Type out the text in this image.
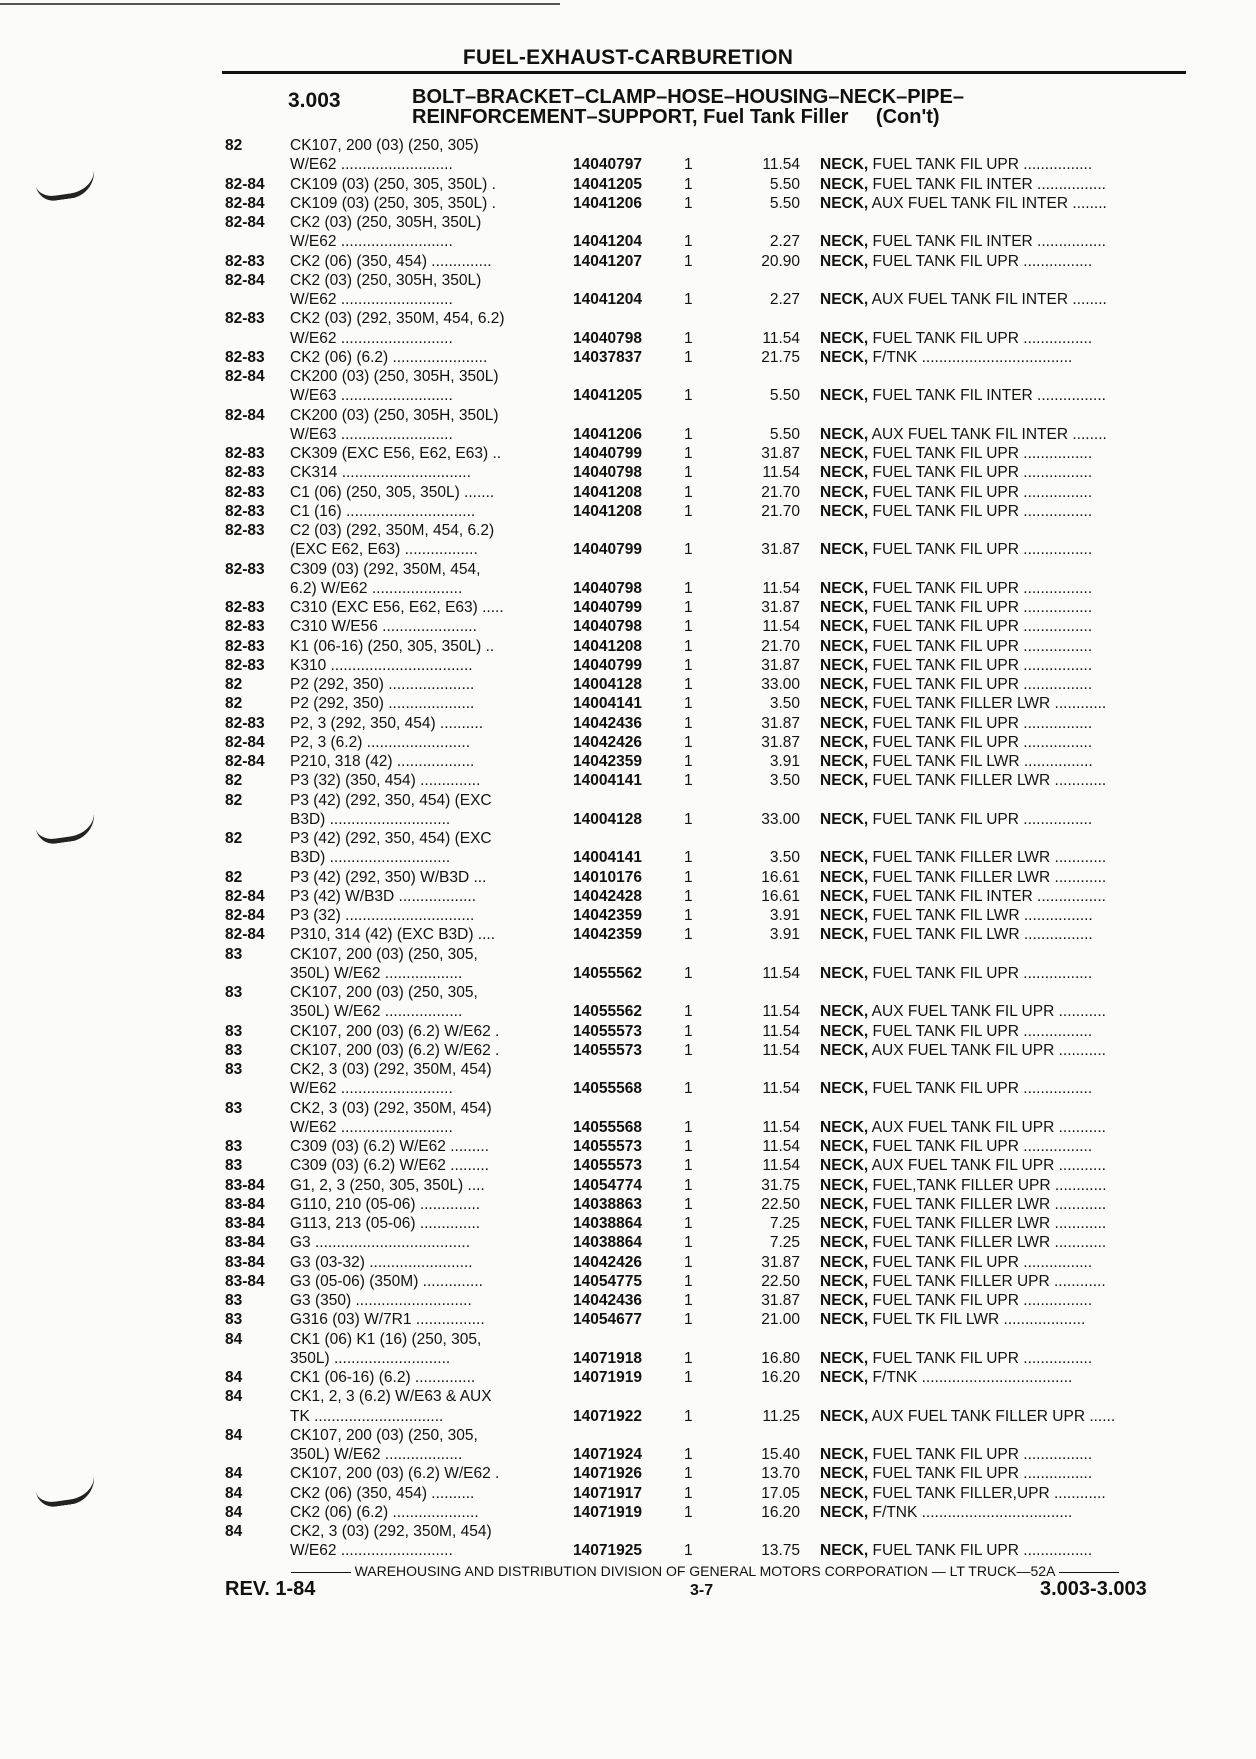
FUEL-EXHAUST-CARBURETION
3.003	BOLT–BRACKET–CLAMP–HOSE–HOUSING–NECK–PIPE–
REINFORCEMENT–SUPPORT, Fuel Tank Filler (Con't)
82	CK107, 200 (03) (250, 305)
W/E62 ..........................	14040797	1	11.54 NECK, FUEL TANK FIL UPR ................
82-84 CK109 (03) (250, 305, 350L) .	14041205	1	5.50 NECK, FUEL TANK FIL INTER ................
82-84 CK109 (03) (250, 305, 350L) .	14041206	1	5.50 NECK, AUX FUEL TANK FIL INTER ........
82-84 CK2 (03) (250, 305H, 350L)
W/E62 ..........................	14041204	1	2.27 NECK, FUEL TANK FIL INTER ................
82-83 CK2 (06) (350, 454) ..............	14041207	1	20.90 NECK, FUEL TANK FIL UPR ................
82-84 CK2 (03) (250, 305H, 350L)
W/E62 ..........................	14041204	1	2.27 NECK, AUX FUEL TANK FIL INTER ........
82-83 CK2 (03) (292, 350M, 454, 6.2)
W/E62 ..........................	14040798	1	11.54 NECK, FUEL TANK FIL UPR ................
82-83 CK2 (06) (6.2) ......................	14037837	1	21.75 NECK, F/TNK ...................................
82-84 CK200 (03) (250, 305H, 350L)
W/E63 ..........................	14041205	1	5.50 NECK, FUEL TANK FIL INTER ................
82-84 CK200 (03) (250, 305H, 350L)
W/E63 ..........................	14041206	1	5.50 NECK, AUX FUEL TANK FIL INTER ........
82-83 CK309 (EXC E56, E62, E63) ..	14040799	1	31.87 NECK, FUEL TANK FIL UPR ................
82-83 CK314 ..............................	14040798	1	11.54 NECK, FUEL TANK FIL UPR ................
82-83 C1 (06) (250, 305, 350L) .......	14041208	1	21.70 NECK, FUEL TANK FIL UPR ................
82-83 C1 (16) ..............................	14041208	1	21.70 NECK, FUEL TANK FIL UPR ................
82-83 C2 (03) (292, 350M, 454, 6.2)
(EXC E62, E63) .................	14040799	1	31.87 NECK, FUEL TANK FIL UPR ................
82-83 C309 (03) (292, 350M, 454,
6.2) W/E62 .....................	14040798	1	11.54 NECK, FUEL TANK FIL UPR ................
82-83 C310 (EXC E56, E62, E63) .....	14040799	1	31.87 NECK, FUEL TANK FIL UPR ................
82-83 C310 W/E56 ......................	14040798	1	11.54 NECK, FUEL TANK FIL UPR ................
82-83 K1 (06-16) (250, 305, 350L) ..	14041208	1	21.70 NECK, FUEL TANK FIL UPR ................
82-83 K310 .................................	14040799	1	31.87 NECK, FUEL TANK FIL UPR ................
82	P2 (292, 350) ....................	14004128	1	33.00 NECK, FUEL TANK FIL UPR ................
82	P2 (292, 350) ....................	14004141	1	3.50 NECK, FUEL TANK FILLER LWR ............
82-83 P2, 3 (292, 350, 454) ..........	14042436	1	31.87 NECK, FUEL TANK FIL UPR ................
82-84 P2, 3 (6.2) ........................	14042426	1	31.87 NECK, FUEL TANK FIL UPR ................
82-84 P210, 318 (42) ..................	14042359	1	3.91 NECK, FUEL TANK FIL LWR ................
82	P3 (32) (350, 454) ..............	14004141	1	3.50 NECK, FUEL TANK FILLER LWR ............
82	P3 (42) (292, 350, 454) (EXC
B3D) ............................	14004128	1	33.00 NECK, FUEL TANK FIL UPR ................
82	P3 (42) (292, 350, 454) (EXC
B3D) ............................	14004141	1	3.50 NECK, FUEL TANK FILLER LWR ............
82	P3 (42) (292, 350) W/B3D ...	14010176	1	16.61 NECK, FUEL TANK FILLER LWR ............
82-84 P3 (42) W/B3D ..................	14042428	1	16.61 NECK, FUEL TANK FIL INTER ................
82-84 P3 (32) ..............................	14042359	1	3.91 NECK, FUEL TANK FIL LWR ................
82-84 P310, 314 (42) (EXC B3D) ....	14042359	1	3.91 NECK, FUEL TANK FIL LWR ................
83	CK107, 200 (03) (250, 305,
350L) W/E62 ..................	14055562	1	11.54 NECK, FUEL TANK FIL UPR ................
83	CK107, 200 (03) (250, 305,
350L) W/E62 ..................	14055562	1	11.54 NECK, AUX FUEL TANK FIL UPR ...........
83	CK107, 200 (03) (6.2) W/E62 .	14055573	1	11.54 NECK, FUEL TANK FIL UPR ................
83	CK107, 200 (03) (6.2) W/E62 .	14055573	1	11.54 NECK, AUX FUEL TANK FIL UPR ...........
83	CK2, 3 (03) (292, 350M, 454)
W/E62 ..........................	14055568	1	11.54 NECK, FUEL TANK FIL UPR ................
83	CK2, 3 (03) (292, 350M, 454)
W/E62 ..........................	14055568	1	11.54 NECK, AUX FUEL TANK FIL UPR ...........
83	C309 (03) (6.2) W/E62 .........	14055573	1	11.54 NECK, FUEL TANK FIL UPR ................
83	C309 (03) (6.2) W/E62 .........	14055573	1	11.54 NECK, AUX FUEL TANK FIL UPR ...........
83-84 G1, 2, 3 (250, 305, 350L) ....	14054774	1	31.75 NECK, FUEL,TANK FILLER UPR ............
83-84 G110, 210 (05-06) ..............	14038863	1	22.50 NECK, FUEL TANK FILLER LWR ............
83-84 G113, 213 (05-06) ..............	14038864	1	7.25 NECK, FUEL TANK FILLER LWR ............
83-84 G3 ....................................	14038864	1	7.25 NECK, FUEL TANK FILLER LWR ............
83-84 G3 (03-32) ........................	14042426	1	31.87 NECK, FUEL TANK FIL UPR ................
83-84 G3 (05-06) (350M) ..............	14054775	1	22.50 NECK, FUEL TANK FILLER UPR ............
83	G3 (350) ...........................	14042436	1	31.87 NECK, FUEL TANK FIL UPR ................
83	G316 (03) W/7R1 ................	14054677	1	21.00 NECK, FUEL TK FIL LWR ...................
84	CK1 (06) K1 (16) (250, 305,
350L) ...........................	14071918	1	16.80 NECK, FUEL TANK FIL UPR ................
84	CK1 (06-16) (6.2) ..............	14071919	1	16.20 NECK, F/TNK ...................................
84	CK1, 2, 3 (6.2) W/E63 & AUX
TK ..............................	14071922	1	11.25 NECK, AUX FUEL TANK FILLER UPR ......
84	CK107, 200 (03) (250, 305,
350L) W/E62 ..................	14071924	1	15.40 NECK, FUEL TANK FIL UPR ................
84	CK107, 200 (03) (6.2) W/E62 .	14071926	1	13.70 NECK, FUEL TANK FIL UPR ................
84	CK2 (06) (350, 454) ..........	14071917	1	17.05 NECK, FUEL TANK FILLER,UPR ............
84	CK2 (06) (6.2) ....................	14071919	1	16.20 NECK, F/TNK ...................................
84	CK2, 3 (03) (292, 350M, 454)
W/E62 ..........................	14071925	1	13.75 NECK, FUEL TANK FIL UPR ................
WAREHOUSING AND DISTRIBUTION DIVISION OF GENERAL MOTORS CORPORATION — LT TRUCK—52A
REV. 1-84	3-7	3.003-3.003
